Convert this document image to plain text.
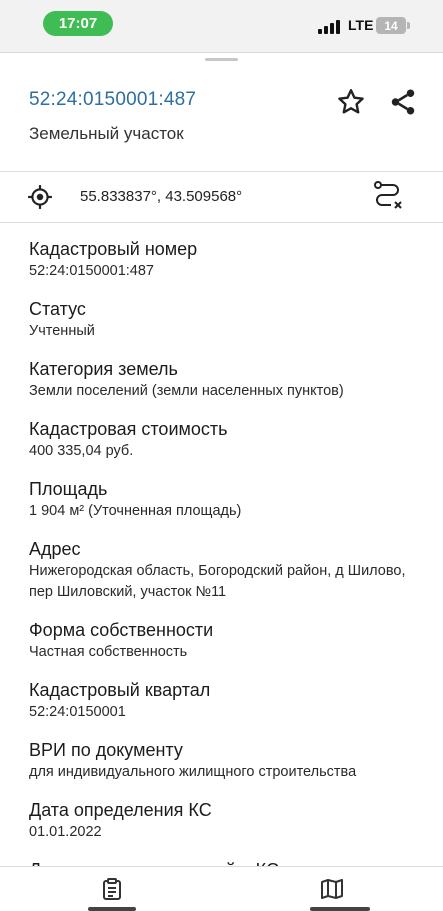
17:07	LTE 14
52:24:0150001:487
Земельный участок
55.833837°, 43.509568°
Кадастровый номер
52:24:0150001:487
Статус
Учтенный
Категория земель
Земли поселений (земли населенных пунктов)
Кадастровая стоимость
400 335,04 руб.
Площадь
1 904 м² (Уточненная площадь)
Адрес
Нижегородская область, Богородский район, д Шилово, пер Шиловский, участок №11
Форма собственности
Частная собственность
Кадастровый квартал
52:24:0150001
ВРИ по документу
для индивидуального жилищного строительства
Дата определения КС
01.01.2022
